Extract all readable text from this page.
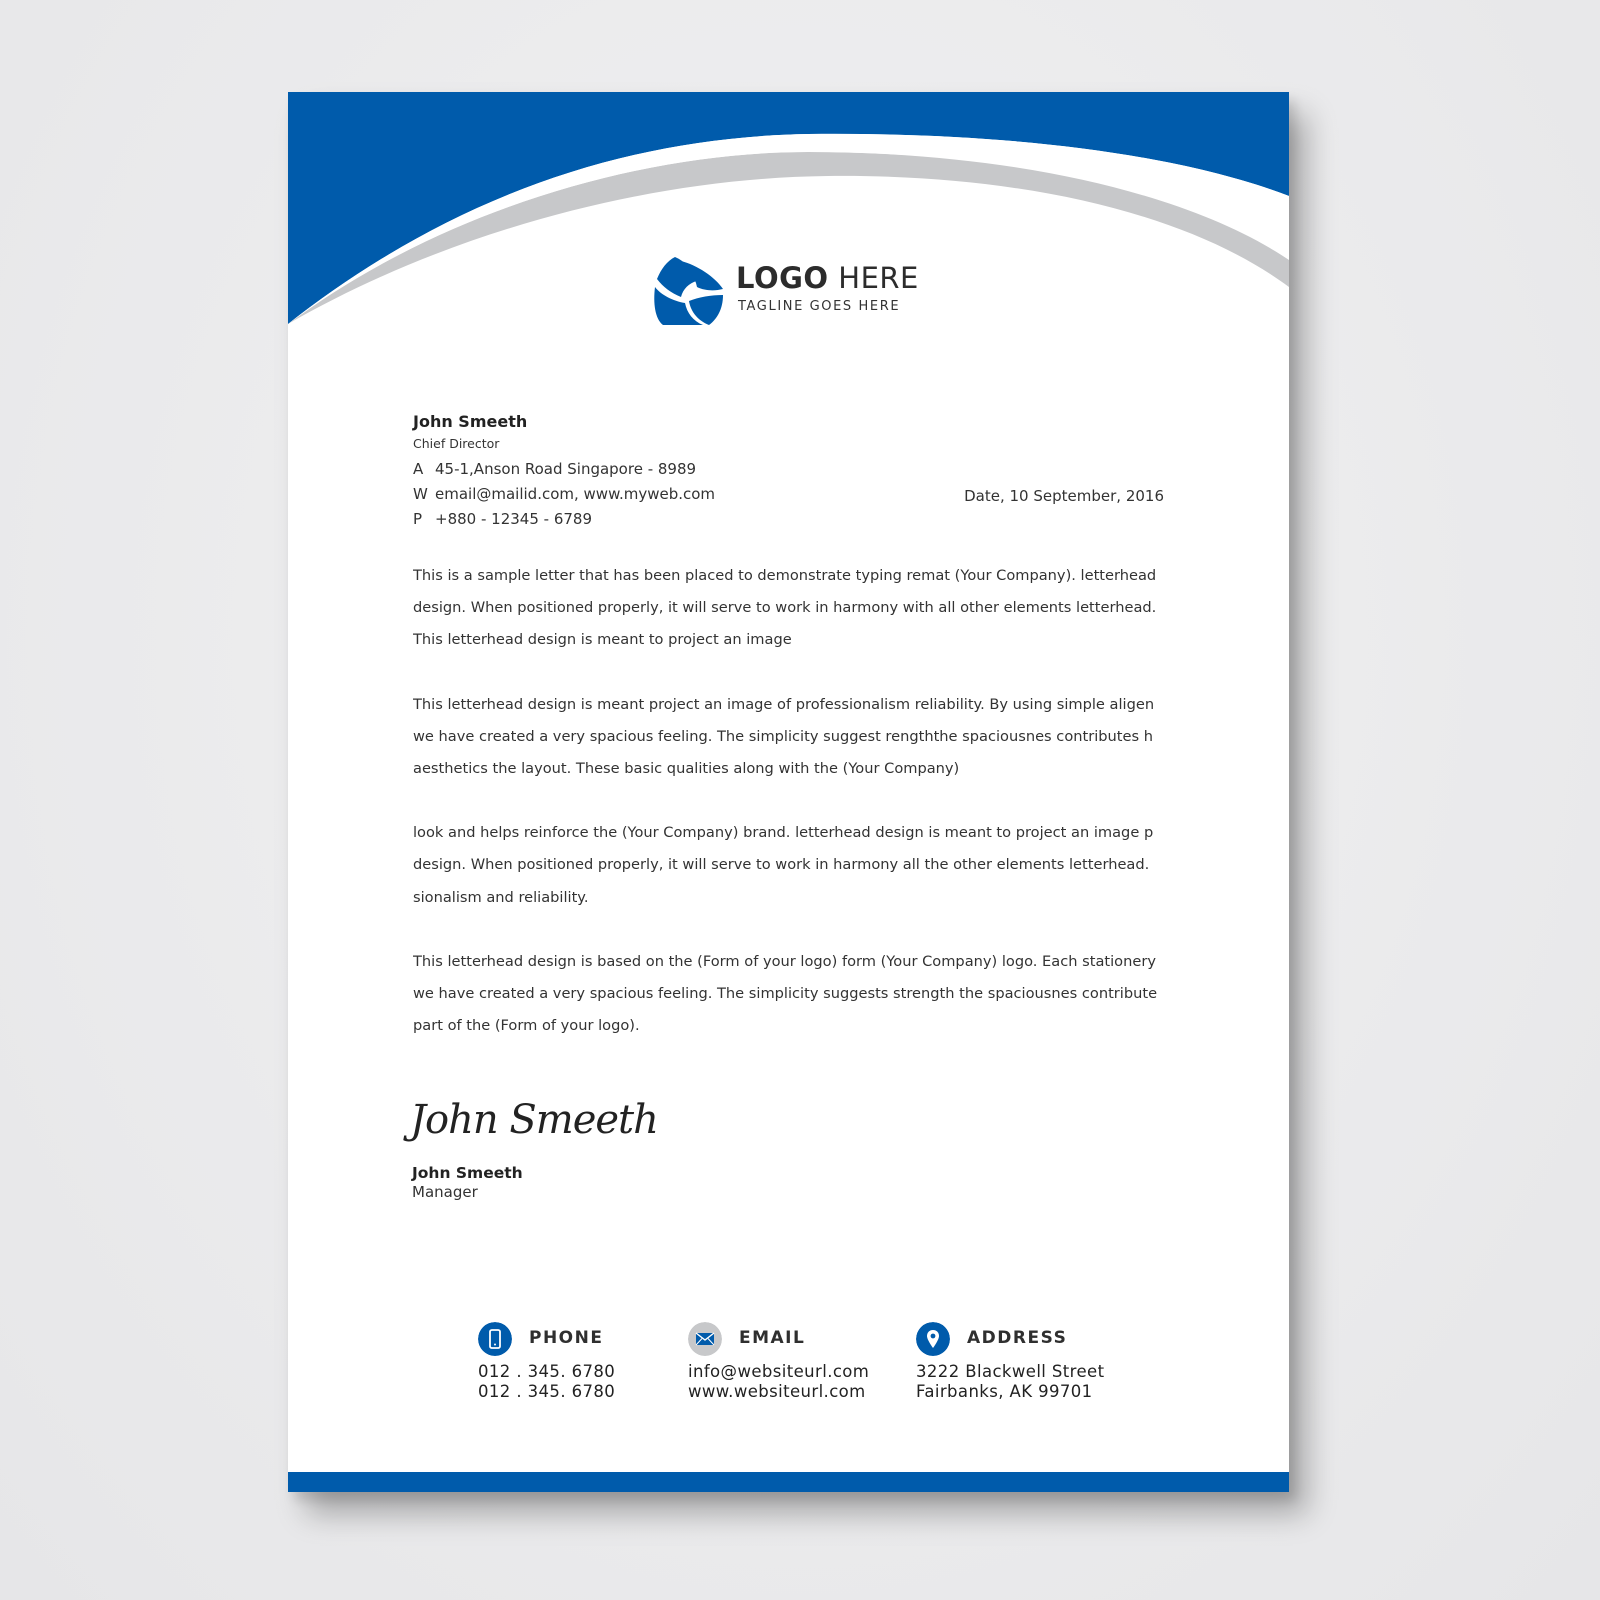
LOGO HERE
TAGLINE GOES HERE
John Smeeth
Chief Director
A 45-1,Anson Road Singapore - 8989
W email@mailid.com, www.myweb.com
P +880 - 12345 - 6789
Date, 10 September, 2016
This is a sample letter that has been placed to demonstrate typing remat (Your Company). letterhead
design. When positioned properly, it will serve to work in harmony with all other elements letterhead.
This letterhead design is meant to project an image
This letterhead design is meant project an image of professionalism reliability. By using simple aligen
we have created a very spacious feeling. The simplicity suggest rengththe spaciousnes contributes h
aesthetics the layout. These basic qualities along with the (Your Company)
look and helps reinforce the (Your Company) brand. letterhead design is meant to project an image p
design. When positioned properly, it will serve to work in harmony all the other elements letterhead.
sionalism and reliability.
This letterhead design is based on the (Form of your logo) form (Your Company) logo. Each stationery
we have created a very spacious feeling. The simplicity suggests strength the spaciousnes contribute
part of the (Form of your logo).
John Smeeth
John Smeeth
Manager
PHONE
012 . 345. 6780
012 . 345. 6780
EMAIL
info@websiteurl.com
www.websiteurl.com
ADDRESS
3222 Blackwell Street
Fairbanks, AK 99701
